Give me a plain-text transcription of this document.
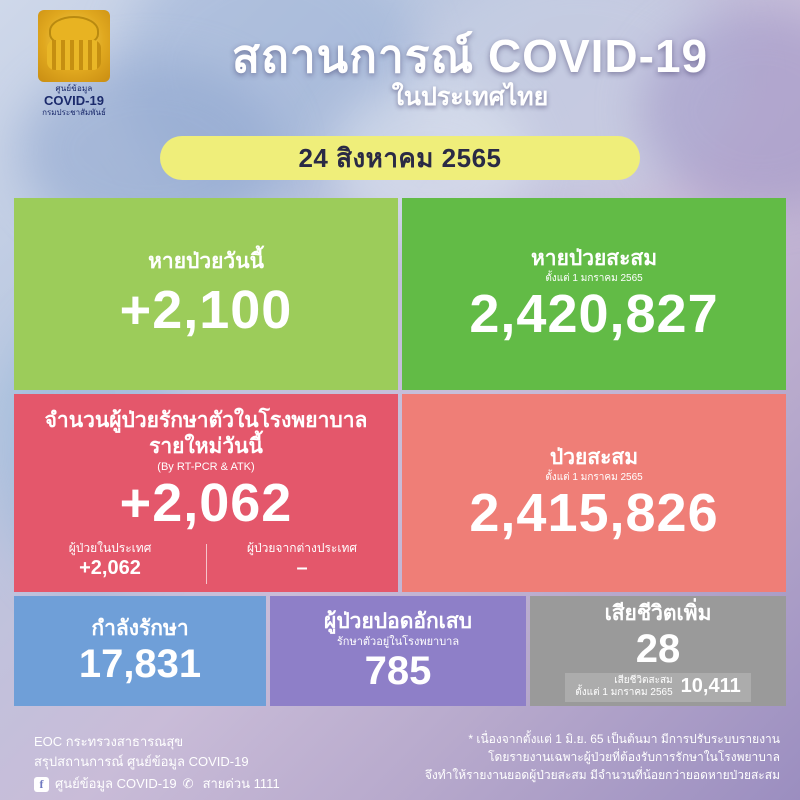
ศูนย์ข้อมูล
COVID-19
กรมประชาสัมพันธ์
สถานการณ์ COVID-19
ในประเทศไทย
24 สิงหาคม 2565
หายป่วยวันนี้
+2,100
หายป่วยสะสม
ตั้งแต่ 1 มกราคม 2565
2,420,827
จำนวนผู้ป่วยรักษาตัวในโรงพยาบาล
รายใหม่วันนี้
(By RT-PCR & ATK)
+2,062
ผู้ป่วยในประเทศ
+2,062
ผู้ป่วยจากต่างประเทศ
–
ป่วยสะสม
ตั้งแต่ 1 มกราคม 2565
2,415,826
กำลังรักษา
17,831
ผู้ป่วยปอดอักเสบ
รักษาตัวอยู่ในโรงพยาบาล
785
เสียชีวิตเพิ่ม
28
เสียชีวิตสะสม
ตั้งแต่ 1 มกราคม 2565 10,411
EOC กระทรวงสาธารณสุข
สรุปสถานการณ์ ศูนย์ข้อมูล COVID-19
f ศูนย์ข้อมูล COVID-19 ✆ สายด่วน 1111
* เนื่องจากตั้งแต่ 1 มิ.ย. 65 เป็นต้นมา มีการปรับระบบรายงาน
โดยรายงานเฉพาะผู้ป่วยที่ต้องรับการรักษาในโรงพยาบาล
จึงทำให้รายงานยอดผู้ป่วยสะสม มีจำนวนที่น้อยกว่ายอดหายป่วยสะสม
